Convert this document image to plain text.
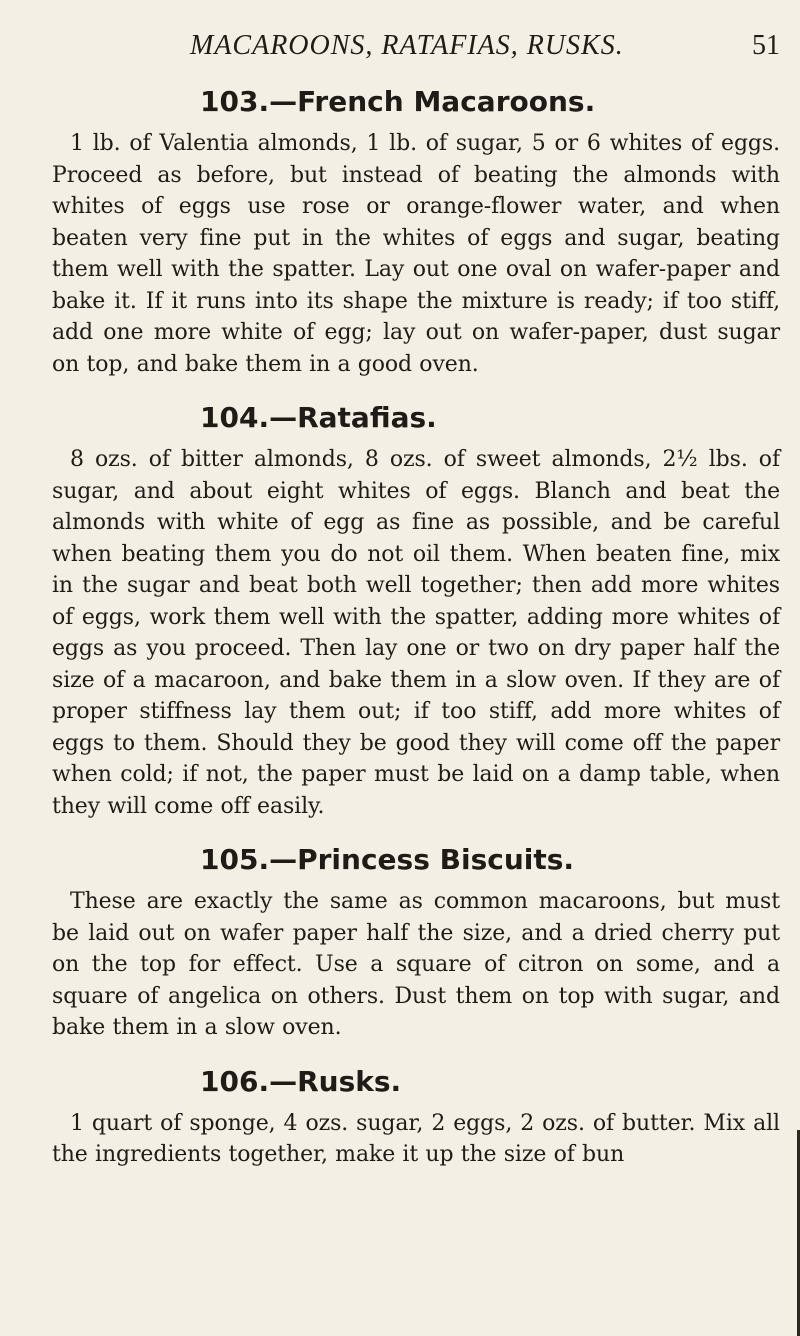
MACAROONS, RATAFIAS, RUSKS.	51
103.—French Macaroons.

1 lb. of Valentia almonds, 1 lb. of sugar, 5 or 6 whites of eggs. Proceed as before, but instead of beating the almonds with whites of eggs use rose or orange-flower water, and when beaten very fine put in the whites of eggs and sugar, beating them well with the spatter. Lay out one oval on wafer-paper and bake it. If it runs into its shape the mixture is ready; if too stiff, add one more white of egg; lay out on wafer-paper, dust sugar on top, and bake them in a good oven.

104.—Ratafias.

8 ozs. of bitter almonds, 8 ozs. of sweet almonds, 2½ lbs. of sugar, and about eight whites of eggs. Blanch and beat the almonds with white of egg as fine as possible, and be careful when beating them you do not oil them. When beaten fine, mix in the sugar and beat both well together; then add more whites of eggs, work them well with the spatter, adding more whites of eggs as you proceed. Then lay one or two on dry paper half the size of a macaroon, and bake them in a slow oven. If they are of proper stiffness lay them out; if too stiff, add more whites of eggs to them. Should they be good they will come off the paper when cold; if not, the paper must be laid on a damp table, when they will come off easily.

105.—Princess Biscuits.

These are exactly the same as common macaroons, but must be laid out on wafer paper half the size, and a dried cherry put on the top for effect. Use a square of citron on some, and a square of angelica on others. Dust them on top with sugar, and bake them in a slow oven.

106.—Rusks.

1 quart of sponge, 4 ozs. sugar, 2 eggs, 2 ozs. of butter. Mix all the ingredients together, make it up the size of bun
